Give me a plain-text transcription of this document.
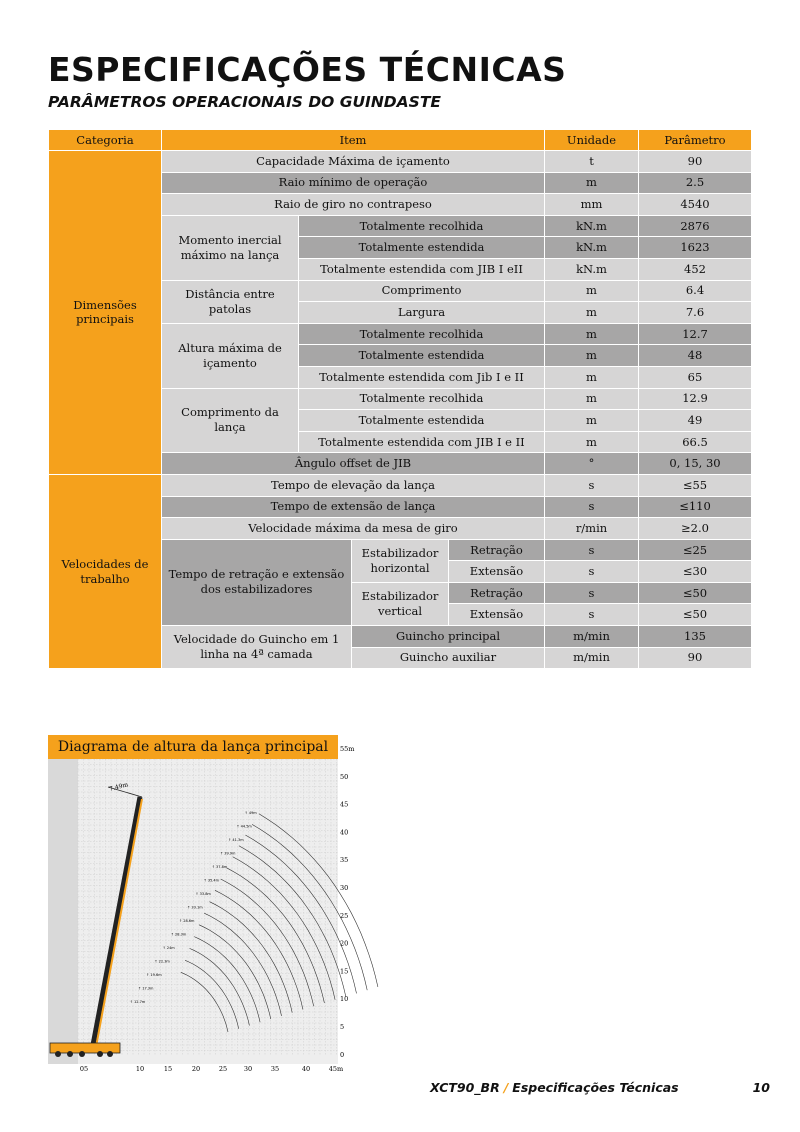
ESPECIFICAÇÕES TÉCNICAS
PARÂMETROS OPERACIONAIS DO GUINDASTE
Categoria	Item				Unidade	Parâmetro
Dimensões principais	Capacidade Máxima de içamento				t	90
	Raio mínimo de operação				m	2.5
	Raio de giro no contrapeso				mm	4540
	Momento inercial máximo na lança	Totalmente recolhida			kN.m	2876
		Totalmente estendida			kN.m	1623
		Totalmente estendida com JIB I eII			kN.m	452
	Distância entre patolas	Comprimento			m	6.4
		Largura			m	7.6
	Altura máxima de içamento	Totalmente recolhida			m	12.7
		Totalmente estendida			m	48
		Totalmente estendida com Jib I e II			m	65
	Comprimento da lança	Totalmente recolhida			m	12.9
		Totalmente estendida			m	49
		Totalmente estendida com JIB I e II			m	66.5
	Ângulo offset de JIB				°	0, 15, 30
Velocidades de trabalho	Tempo de elevação da lança				s	≤55
	Tempo de extensão de lança				s	≤110
	Velocidade máxima da mesa de giro				r/min	≥2.0
	Tempo de retração e extensão dos estabilizadores		Estabilizador horizontal	Retração	s	≤25
				Extensão	s	≤30
			Estabilizador vertical	Retração	s	≤50
				Extensão	s	≤50
	Velocidade do Guincho em 1 linha na 4ª camada		Guincho principal		m/min	135
			Guincho auxiliar		m/min	90
7.49m
↑ 12.7m
↑ 17.3m
↑ 19.6m
↑ 22.3m
↑ 24m
↑ 28.3m
↑ 28.6m
↑ 33.1m
↑ 33.8m
↑ 35.4m
↑ 37.8m
↑ 39.9m
↑ 41.3m
↑ 44.5m
↑ 49m
55m
50
45
40
35
30
25
20
15
10
5
0
05	10	15	20	25	30	35	40	45m
Diagrama de altura da lança principal
XCT90_BR / Especificações Técnicas	10
